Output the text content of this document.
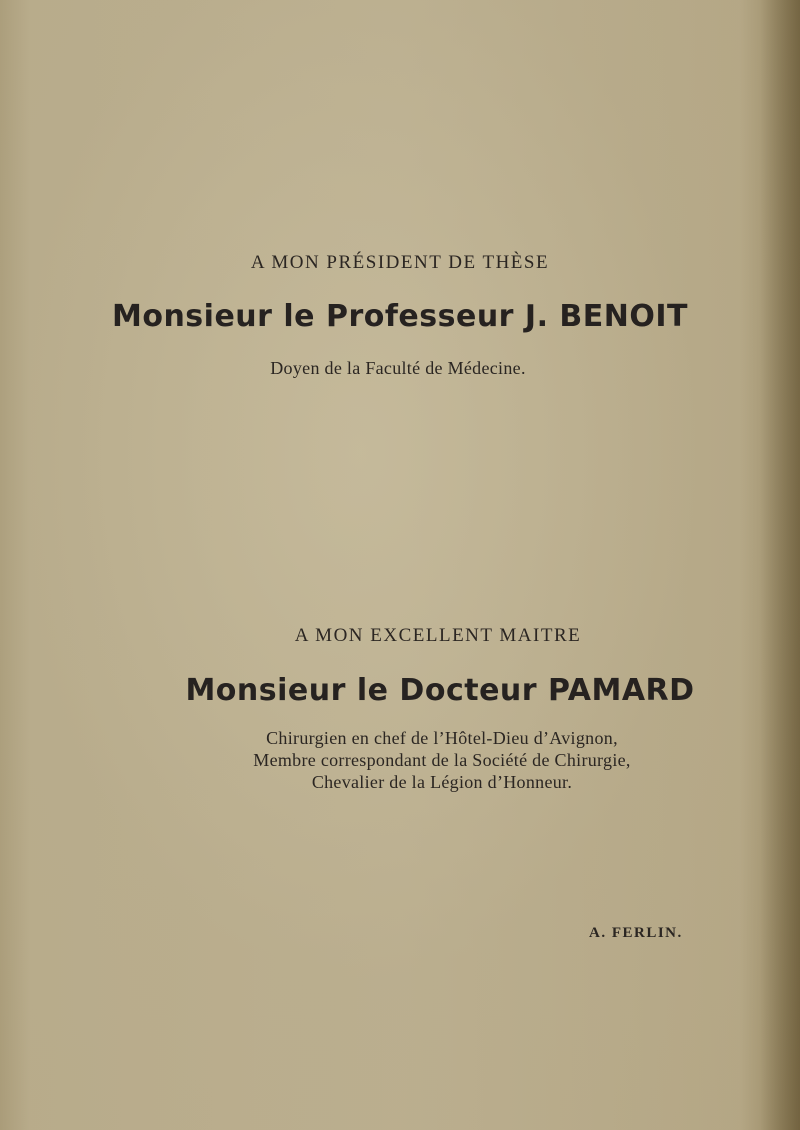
A MON PRÉSIDENT DE THÈSE
Monsieur le Professeur J. BENOIT
Doyen de la Faculté de Médecine.
A MON EXCELLENT MAITRE
Monsieur le Docteur PAMARD
Chirurgien en chef de l’Hôtel-Dieu d’Avignon,
Membre correspondant de la Société de Chirurgie,
Chevalier de la Légion d’Honneur.
A. FERLIN.
